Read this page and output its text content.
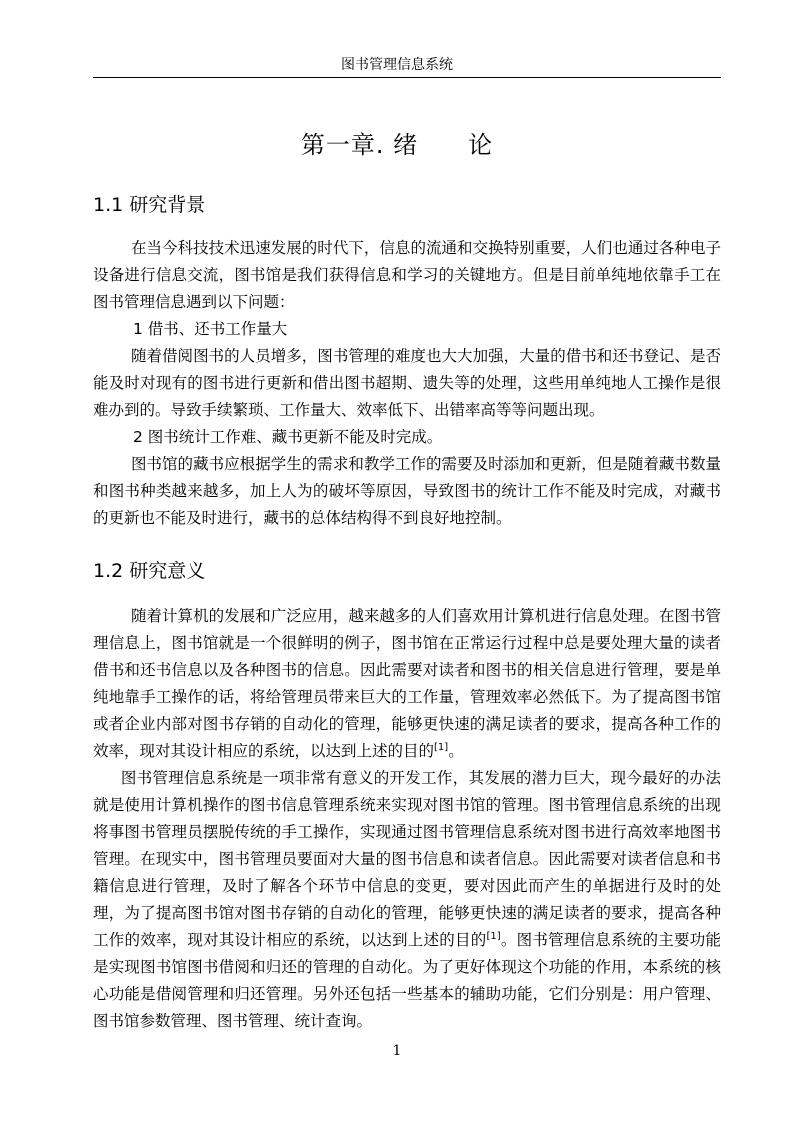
图书管理信息系统
第一章. 绪　　论
1.1 研究背景

在当今科技技术迅速发展的时代下，信息的流通和交换特别重要，人们也通过各种电子设备进行信息交流，图书馆是我们获得信息和学习的关键地方。但是目前单纯地依靠手工在图书管理信息遇到以下问题：

1 借书、还书工作量大

随着借阅图书的人员增多，图书管理的难度也大大加强，大量的借书和还书登记、是否能及时对现有的图书进行更新和借出图书超期、遗失等的处理，这些用单纯地人工操作是很难办到的。导致手续繁琐、工作量大、效率低下、出错率高等等问题出现。

2 图书统计工作难、藏书更新不能及时完成。

图书馆的藏书应根据学生的需求和教学工作的需要及时添加和更新，但是随着藏书数量和图书种类越来越多，加上人为的破坏等原因，导致图书的统计工作不能及时完成，对藏书的更新也不能及时进行，藏书的总体结构得不到良好地控制。

1.2 研究意义

随着计算机的发展和广泛应用，越来越多的人们喜欢用计算机进行信息处理。在图书管理信息上，图书馆就是一个很鲜明的例子，图书馆在正常运行过程中总是要处理大量的读者借书和还书信息以及各种图书的信息。因此需要对读者和图书的相关信息进行管理，要是单纯地靠手工操作的话，将给管理员带来巨大的工作量，管理效率必然低下。为了提高图书馆或者企业内部对图书存销的自动化的管理，能够更快速的满足读者的要求，提高各种工作的效率，现对其设计相应的系统，以达到上述的目的[1]。

图书管理信息系统是一项非常有意义的开发工作，其发展的潜力巨大，现今最好的办法就是使用计算机操作的图书信息管理系统来实现对图书馆的管理。图书管理信息系统的出现将事图书管理员摆脱传统的手工操作，实现通过图书管理信息系统对图书进行高效率地图书管理。在现实中，图书管理员要面对大量的图书信息和读者信息。因此需要对读者信息和书籍信息进行管理，及时了解各个环节中信息的变更，要对因此而产生的单据进行及时的处理，为了提高图书馆对图书存销的自动化的管理，能够更快速的满足读者的要求，提高各种工作的效率，现对其设计相应的系统，以达到上述的目的[1]。图书管理信息系统的主要功能是实现图书馆图书借阅和归还的管理的自动化。为了更好体现这个功能的作用，本系统的核心功能是借阅管理和归还管理。另外还包括一些基本的辅助功能，它们分别是：用户管理、图书馆参数管理、图书管理、统计查询。

1
